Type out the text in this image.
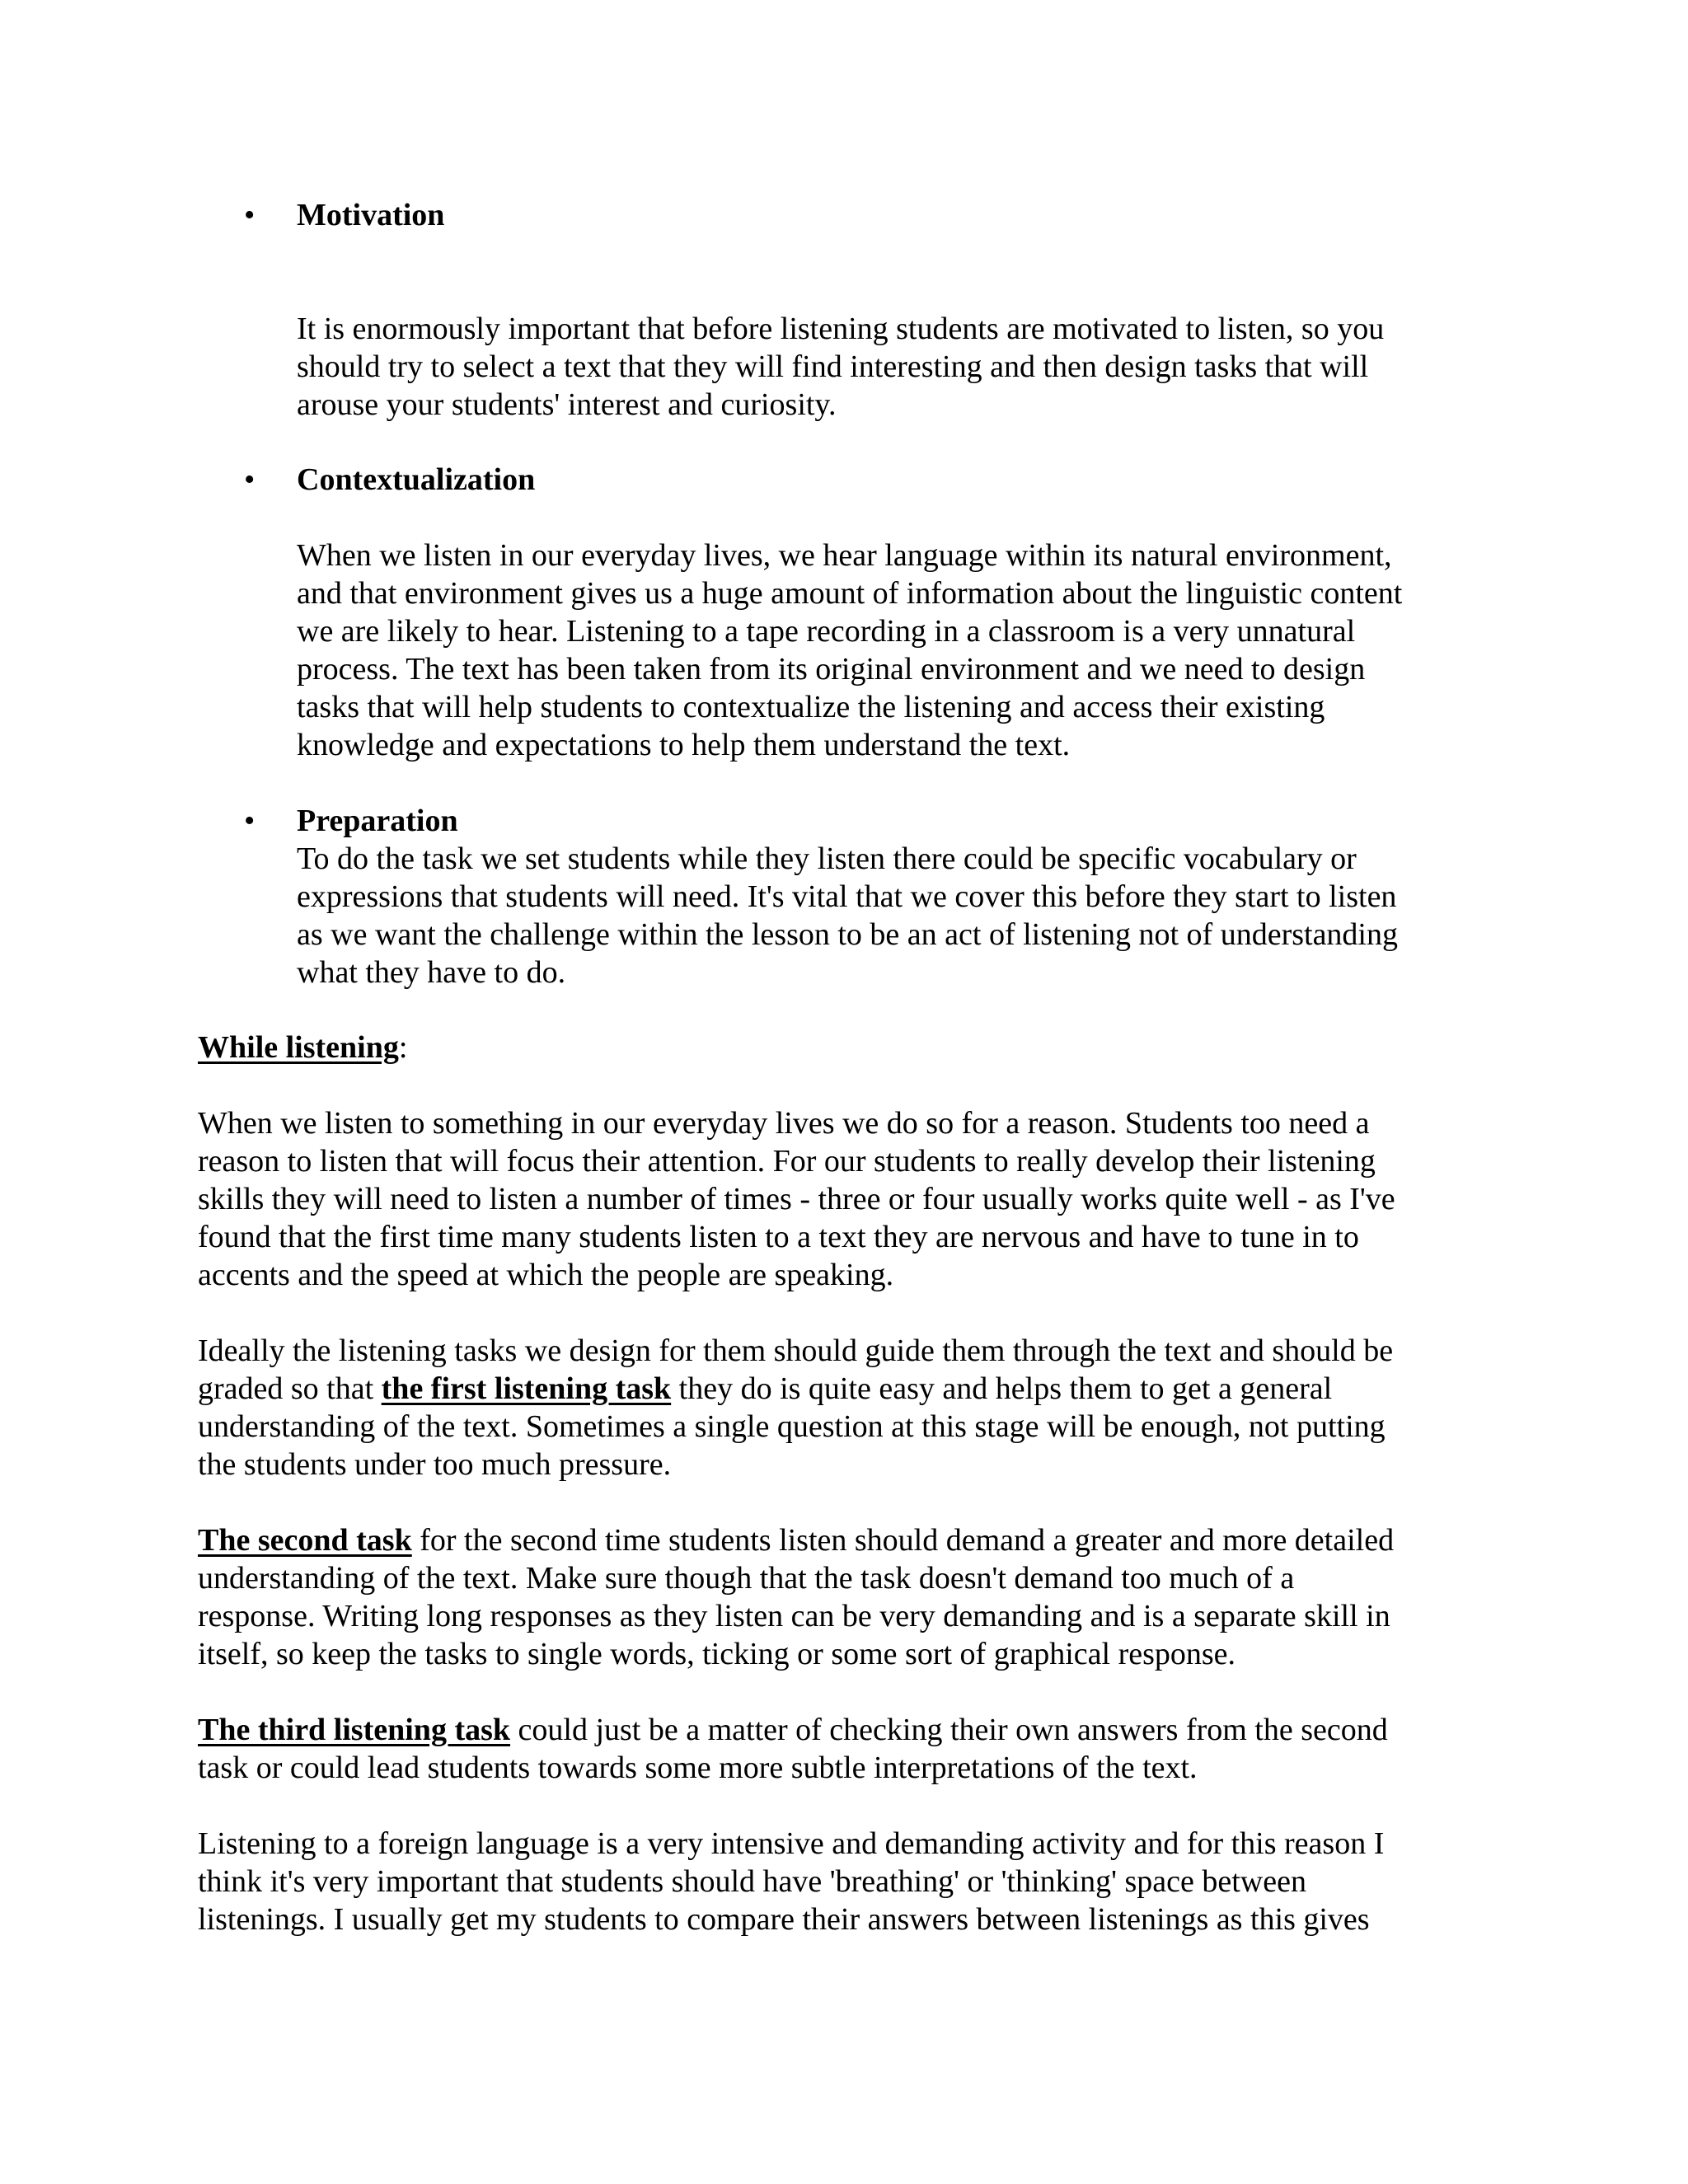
• Motivation
It is enormously important that before listening students are motivated to listen, so you
should try to select a text that they will find interesting and then design tasks that will
arouse your students' interest and curiosity.
• Contextualization
When we listen in our everyday lives, we hear language within its natural environment,
and that environment gives us a huge amount of information about the linguistic content
we are likely to hear. Listening to a tape recording in a classroom is a very unnatural
process. The text has been taken from its original environment and we need to design
tasks that will help students to contextualize the listening and access their existing
knowledge and expectations to help them understand the text.
• Preparation
To do the task we set students while they listen there could be specific vocabulary or
expressions that students will need. It's vital that we cover this before they start to listen
as we want the challenge within the lesson to be an act of listening not of understanding
what they have to do.
While listening:
When we listen to something in our everyday lives we do so for a reason. Students too need a
reason to listen that will focus their attention. For our students to really develop their listening
skills they will need to listen a number of times - three or four usually works quite well - as I've
found that the first time many students listen to a text they are nervous and have to tune in to
accents and the speed at which the people are speaking.
Ideally the listening tasks we design for them should guide them through the text and should be
graded so that the first listening task they do is quite easy and helps them to get a general
understanding of the text. Sometimes a single question at this stage will be enough, not putting
the students under too much pressure.
The second task for the second time students listen should demand a greater and more detailed
understanding of the text. Make sure though that the task doesn't demand too much of a
response. Writing long responses as they listen can be very demanding and is a separate skill in
itself, so keep the tasks to single words, ticking or some sort of graphical response.
The third listening task could just be a matter of checking their own answers from the second
task or could lead students towards some more subtle interpretations of the text.
Listening to a foreign language is a very intensive and demanding activity and for this reason I
think it's very important that students should have 'breathing' or 'thinking' space between
listenings. I usually get my students to compare their answers between listenings as this gives
